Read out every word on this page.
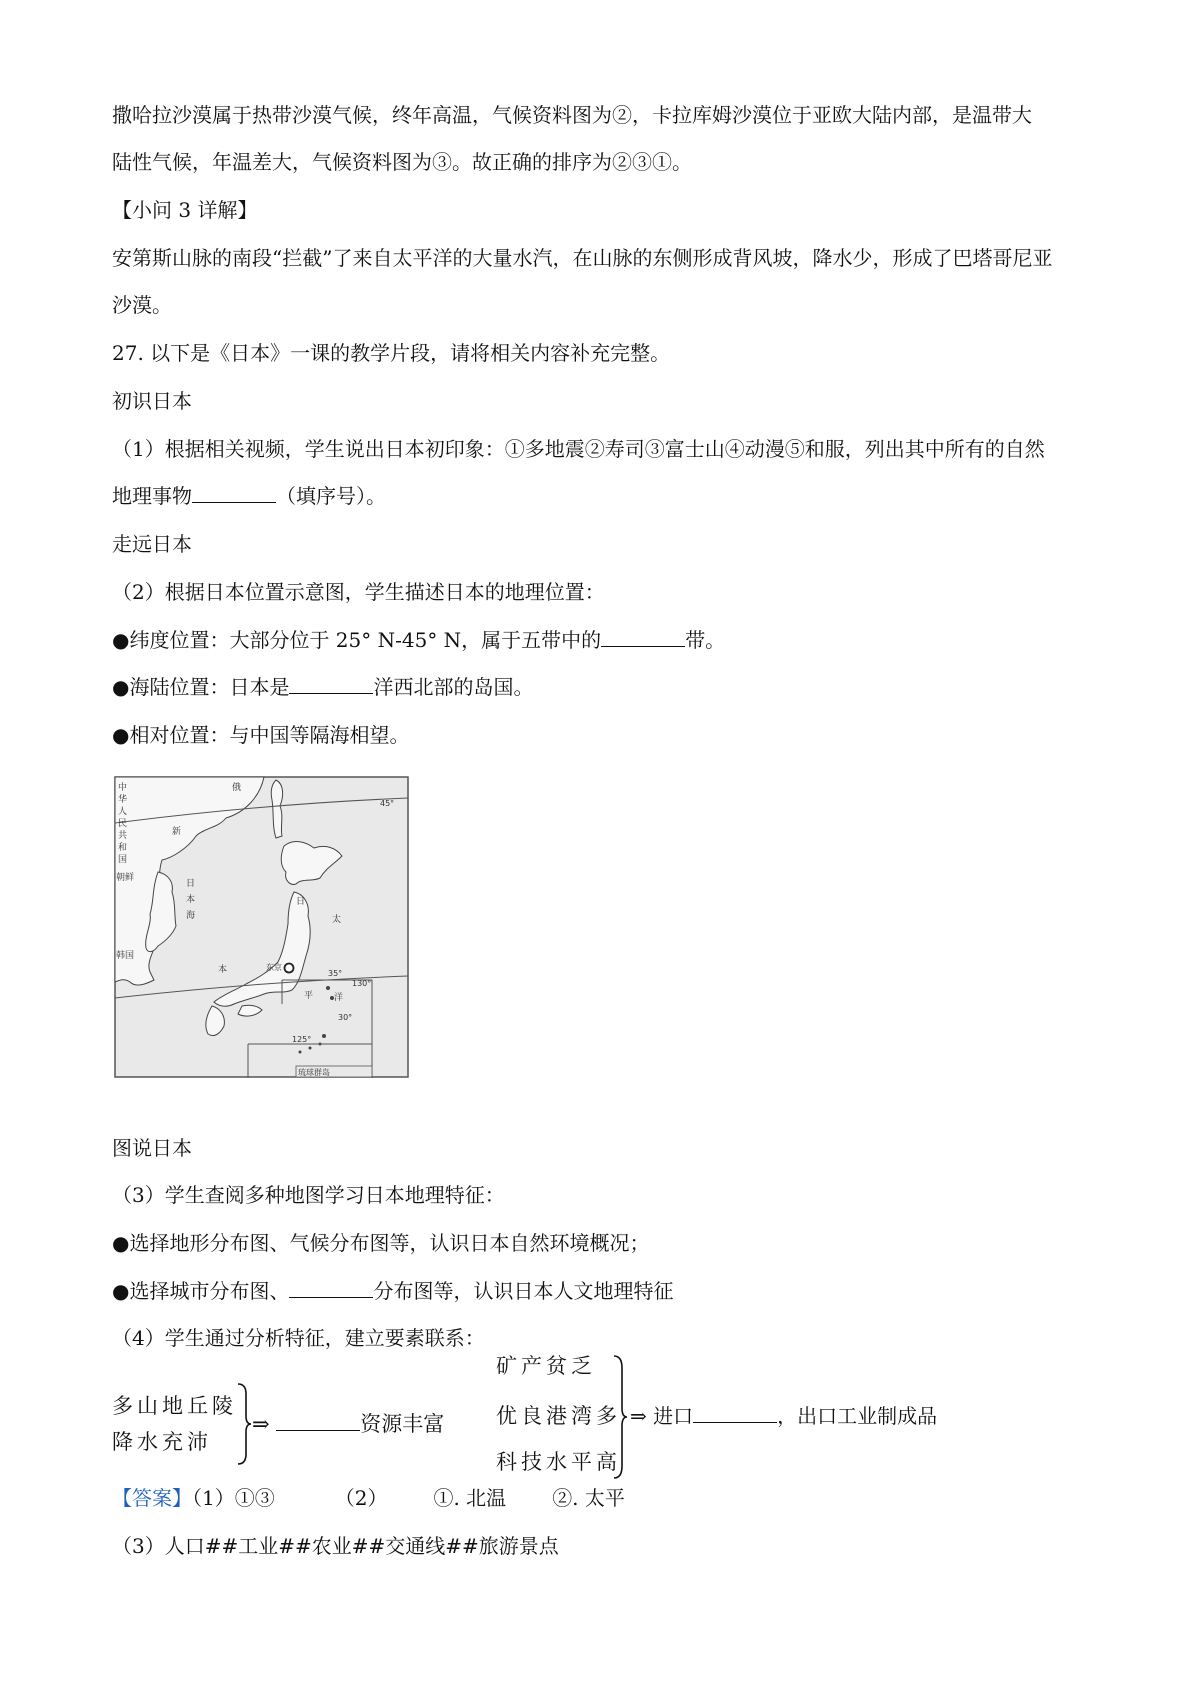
撒哈拉沙漠属于热带沙漠气候，终年高温，气候资料图为②，卡拉库姆沙漠位于亚欧大陆内部，是温带大
陆性气候，年温差大，气候资料图为③。故正确的排序为②③①。
【小问 3 详解】
安第斯山脉的南段“拦截”了来自太平洋的大量水汽，在山脉的东侧形成背风坡，降水少，形成了巴塔哥尼亚
沙漠。
27. 以下是《日本》一课的教学片段，请将相关内容补充完整。
初识日本
（1）根据相关视频，学生说出日本初印象：①多地震②寿司③富士山④动漫⑤和服，列出其中所有的自然
地理事物	（填序号）。
走远日本
（2）根据日本位置示意图，学生描述日本的地理位置：
●纬度位置：大部分位于 25° N-45° N，属于五带中的	带。
●海陆位置：日本是	洋西北部的岛国。
●相对位置：与中国等隔海相望。
中
华
人
民
共
和
国
俄
朝鲜
韩国
新
日
本
海
日
本
太
平 洋
东京
45°
35°
30°
130°
125°
琉球群岛
图说日本
（3）学生查阅多种地图学习日本地理特征：
●选择地形分布图、气候分布图等，认识日本自然环境概况；
●选择城市分布图、	分布图等，认识日本人文地理特征
（4）学生通过分析特征，建立要素联系：
多山地丘陵
降水充沛
⇒	资源丰富
矿产贫乏
优良港湾多
科技水平高
⇒ 进口	，出口工业制成品
【答案】（1）①③	（2） ①. 北温 ②. 太平
（3）人口##工业##农业##交通线##旅游景点
